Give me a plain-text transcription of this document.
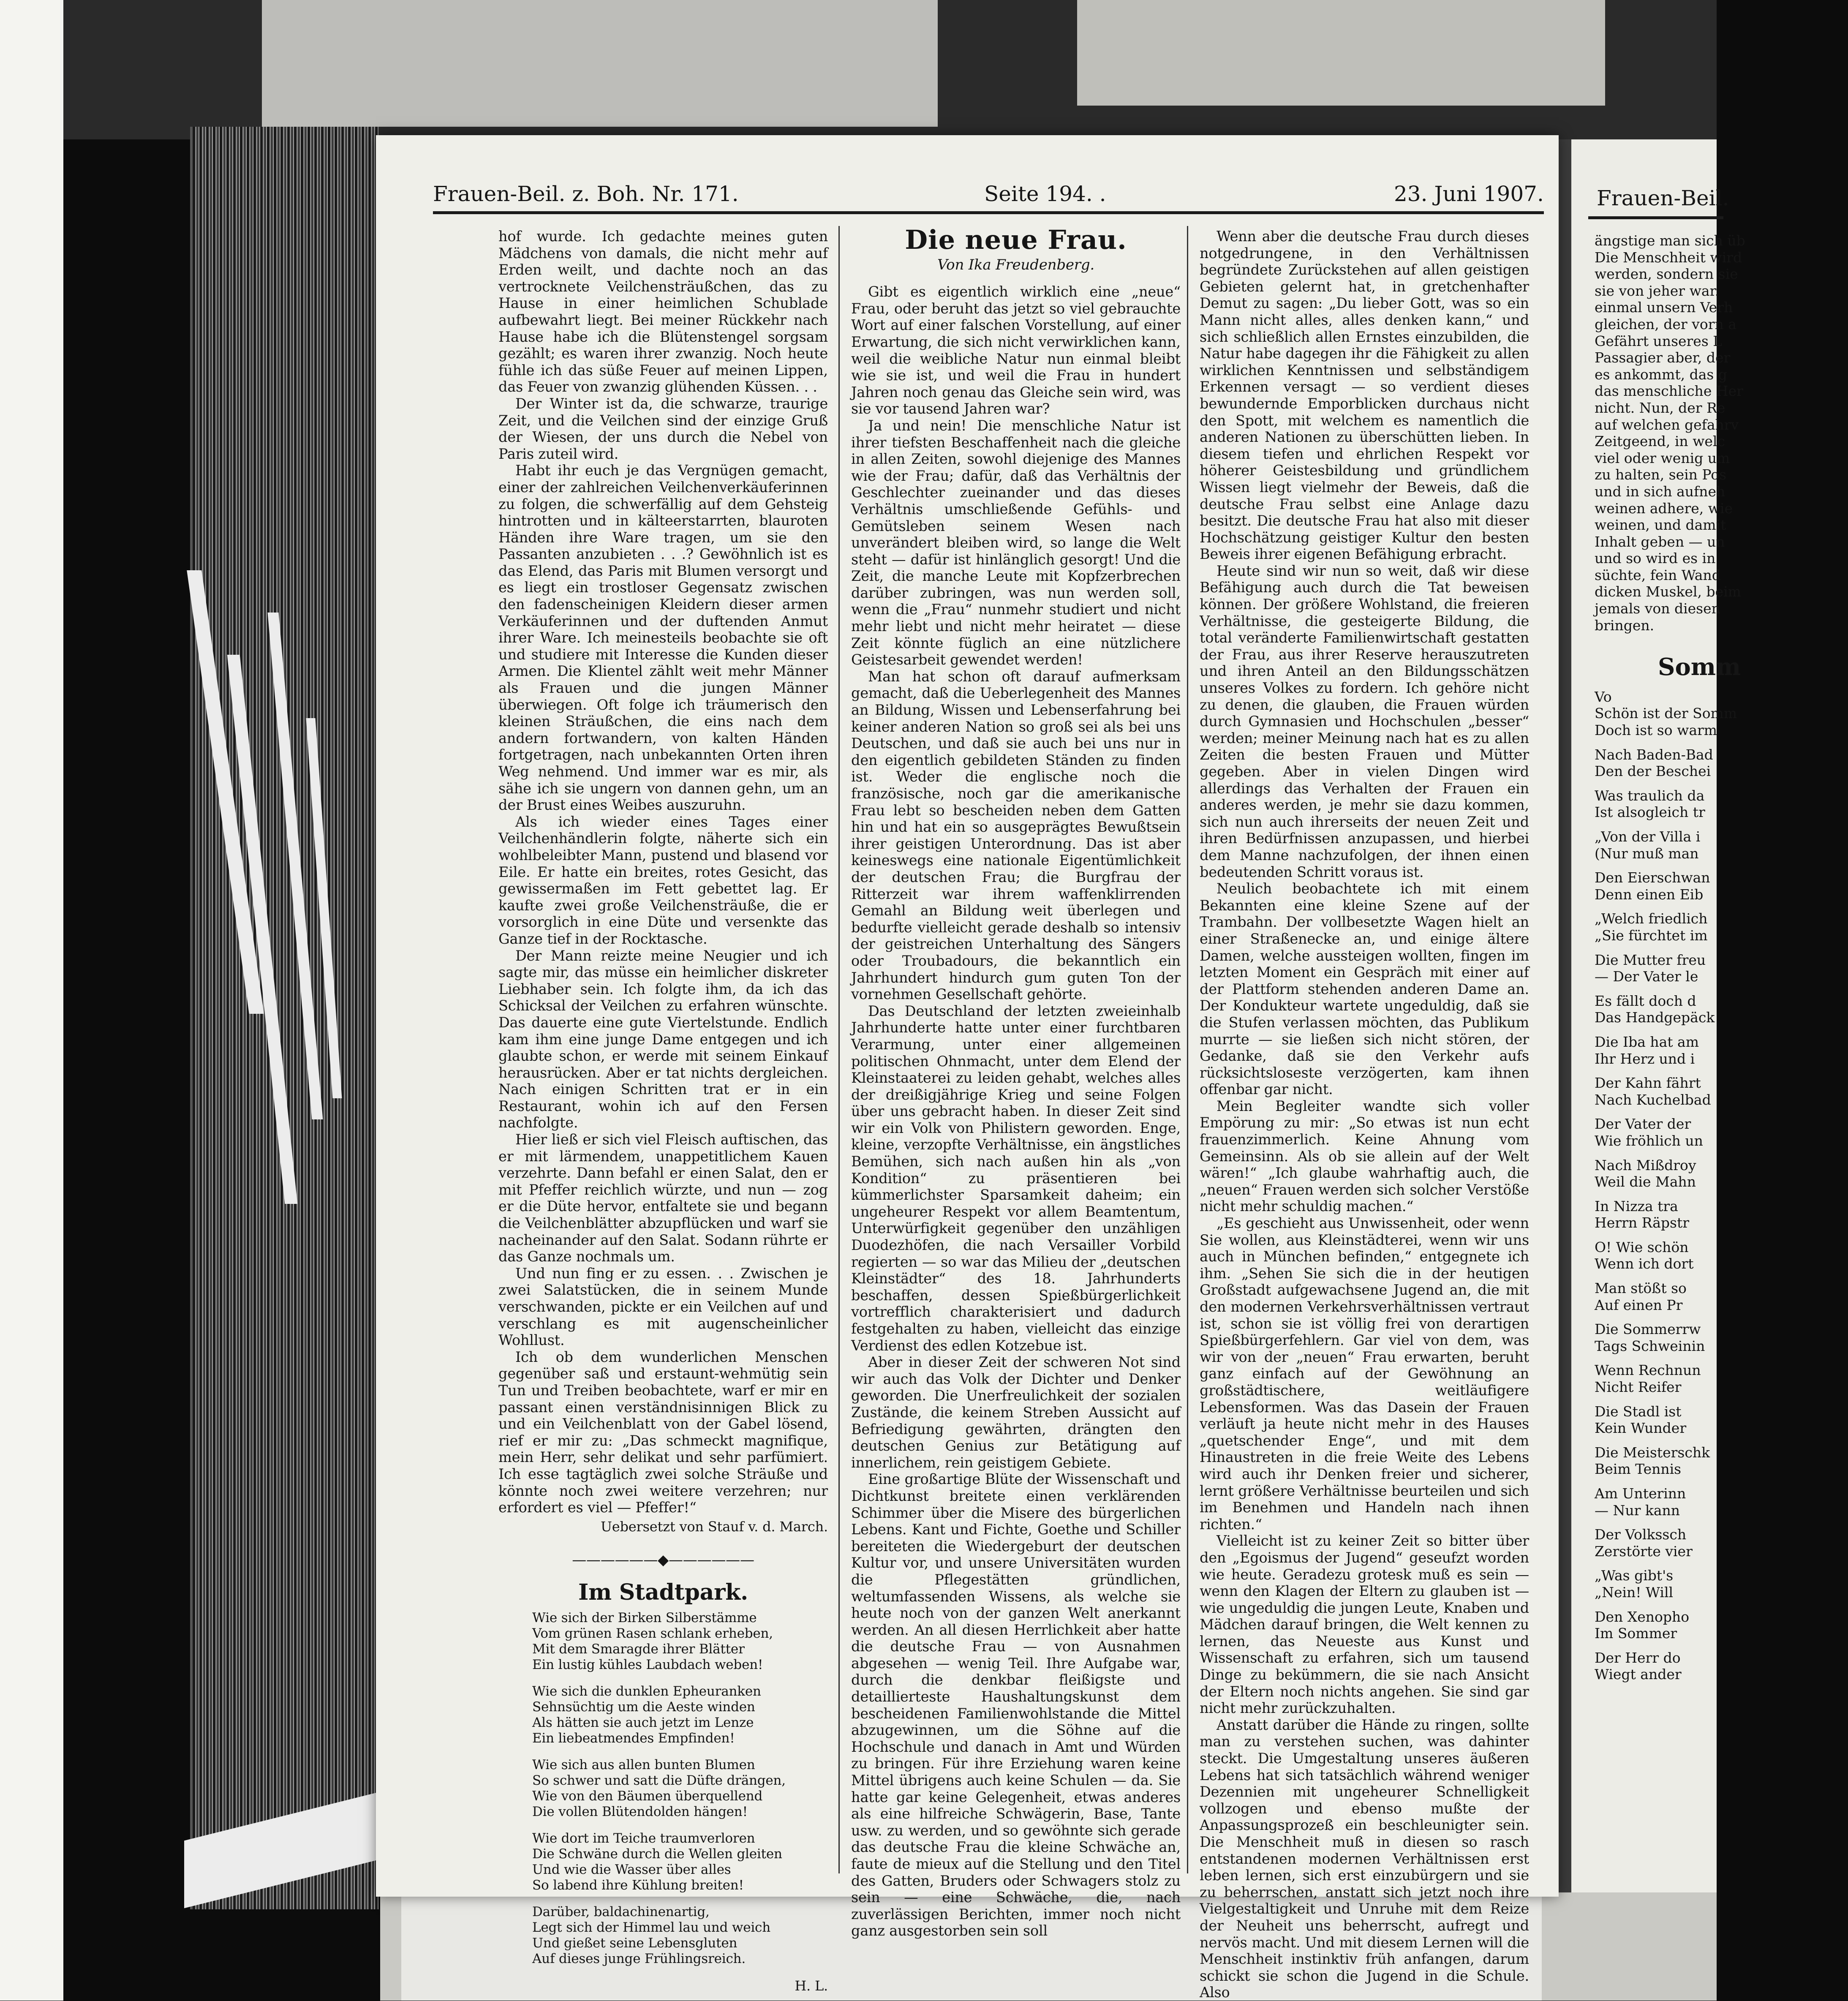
Frauen-Beil. z. Boh. Nr. 171.	Seite 194. .	23. Juni 1907.

hof wurde. Ich gedachte meines guten Mädchens von damals, die nicht mehr auf Erden weilt, und dachte noch an das vertrocknete Veilchensträußchen, das zu Hause in einer heimlichen Schublade aufbewahrt liegt. Bei meiner Rückkehr nach Hause habe ich die Blütenstengel sorgsam gezählt; es waren ihrer zwanzig. Noch heute fühle ich das süße Feuer auf meinen Lippen, das Feuer von zwanzig glühenden Küssen. . .

Der Winter ist da, die schwarze, traurige Zeit, und die Veilchen sind der einzige Gruß der Wiesen, der uns durch die Nebel von Paris zuteil wird.

Habt ihr euch je das Vergnügen gemacht, einer der zahlreichen Veilchenverkäuferinnen zu folgen, die schwerfällig auf dem Gehsteig hintrotten und in kälteerstarrten, blauroten Händen ihre Ware tragen, um sie den Passanten anzubieten . . .? Gewöhnlich ist es das Elend, das Paris mit Blumen versorgt und es liegt ein trostloser Gegensatz zwischen den fadenscheinigen Kleidern dieser armen Verkäuferinnen und der duftenden Anmut ihrer Ware. Ich meinesteils beobachte sie oft und studiere mit Interesse die Kunden dieser Armen. Die Klientel zählt weit mehr Männer als Frauen und die jungen Männer überwiegen. Oft folge ich träumerisch den kleinen Sträußchen, die eins nach dem andern fortwandern, von kalten Händen fortgetragen, nach unbekannten Orten ihren Weg nehmend. Und immer war es mir, als sähe ich sie ungern von dannen gehn, um an der Brust eines Weibes auszuruhn.

Als ich wieder eines Tages einer Veilchenhändlerin folgte, näherte sich ein wohlbeleibter Mann, pustend und blasend vor Eile. Er hatte ein breites, rotes Gesicht, das gewissermaßen im Fett gebettet lag. Er kaufte zwei große Veilchensträuße, die er vorsorglich in eine Düte und versenkte das Ganze tief in der Rocktasche.

Der Mann reizte meine Neugier und ich sagte mir, das müsse ein heimlicher diskreter Liebhaber sein. Ich folgte ihm, da ich das Schicksal der Veilchen zu erfahren wünschte. Das dauerte eine gute Viertelstunde. Endlich kam ihm eine junge Dame entgegen und ich glaubte schon, er werde mit seinem Einkauf herausrücken. Aber er tat nichts dergleichen. Nach einigen Schritten trat er in ein Restaurant, wohin ich auf den Fersen nachfolgte.

Hier ließ er sich viel Fleisch auftischen, das er mit lärmendem, unappetitlichem Kauen verzehrte. Dann befahl er einen Salat, den er mit Pfeffer reichlich würzte, und nun — zog er die Düte hervor, entfaltete sie und begann die Veilchenblätter abzupflücken und warf sie nacheinander auf den Salat. Sodann rührte er das Ganze nochmals um.

Und nun fing er zu essen. . . Zwischen je zwei Salatstücken, die in seinem Munde verschwanden, pickte er ein Veilchen auf und verschlang es mit augenscheinlicher Wohllust.

Ich ob dem wunderlichen Menschen gegenüber saß und erstaunt-wehmütig sein Tun und Treiben beobachtete, warf er mir en passant einen verständnisinnigen Blick zu und ein Veilchenblatt von der Gabel lösend, rief er mir zu: „Das schmeckt magnifique, mein Herr, sehr delikat und sehr parfümiert. Ich esse tagtäglich zwei solche Sträuße und könnte noch zwei weitere verzehren; nur erfordert es viel — Pfeffer!“

Uebersetzt von Stauf v. d. March.
——————◆——————
Im Stadtpark.
Wie sich der Birken Silberstämme
Vom grünen Rasen schlank erheben,
Mit dem Smaragde ihrer Blätter
Ein lustig kühles Laubdach weben!
Wie sich die dunklen Epheuranken
Sehnsüchtig um die Aeste winden
Als hätten sie auch jetzt im Lenze
Ein liebeatmendes Empfinden!
Wie sich aus allen bunten Blumen
So schwer und satt die Düfte drängen,
Wie von den Bäumen überquellend
Die vollen Blütendolden hängen!
Wie dort im Teiche traumverloren
Die Schwäne durch die Wellen gleiten
Und wie die Wasser über alles
So labend ihre Kühlung breiten!
Darüber, baldachinenartig,
Legt sich der Himmel lau und weich
Und gießet seine Lebensgluten
Auf dieses junge Frühlingsreich.
H. L.
Die neue Frau.
Von Ika Freudenberg.

Gibt es eigentlich wirklich eine „neue“ Frau, oder beruht das jetzt so viel gebrauchte Wort auf einer falschen Vorstellung, auf einer Erwartung, die sich nicht verwirklichen kann, weil die weibliche Natur nun einmal bleibt wie sie ist, und weil die Frau in hundert Jahren noch genau das Gleiche sein wird, was sie vor tausend Jahren war?

Ja und nein! Die menschliche Natur ist ihrer tiefsten Beschaffenheit nach die gleiche in allen Zeiten, sowohl diejenige des Mannes wie der Frau; dafür, daß das Verhältnis der Geschlechter zueinander und das dieses Verhältnis umschließende Gefühls- und Gemütsleben seinem Wesen nach unverändert bleiben wird, so lange die Welt steht — dafür ist hinlänglich gesorgt! Und die Zeit, die manche Leute mit Kopfzerbrechen darüber zubringen, was nun werden soll, wenn die „Frau“ nunmehr studiert und nicht mehr liebt und nicht mehr heiratet — diese Zeit könnte füglich an eine nützlichere Geistesarbeit gewendet werden!

Man hat schon oft darauf aufmerksam gemacht, daß die Ueberlegenheit des Mannes an Bildung, Wissen und Lebenserfahrung bei keiner anderen Nation so groß sei als bei uns Deutschen, und daß sie auch bei uns nur in den eigentlich gebildeten Ständen zu finden ist. Weder die englische noch die französische, noch gar die amerikanische Frau lebt so bescheiden neben dem Gatten hin und hat ein so ausgeprägtes Bewußtsein ihrer geistigen Unterordnung. Das ist aber keineswegs eine nationale Eigentümlichkeit der deutschen Frau; die Burgfrau der Ritterzeit war ihrem waffenklirrenden Gemahl an Bildung weit überlegen und bedurfte vielleicht gerade deshalb so intensiv der geistreichen Unterhaltung des Sängers oder Troubadours, die bekanntlich ein Jahrhundert hindurch gum guten Ton der vornehmen Gesellschaft gehörte.

Das Deutschland der letzten zweieinhalb Jahrhunderte hatte unter einer furchtbaren Verarmung, unter einer allgemeinen politischen Ohnmacht, unter dem Elend der Kleinstaaterei zu leiden gehabt, welches alles der dreißigjährige Krieg und seine Folgen über uns gebracht haben. In dieser Zeit sind wir ein Volk von Philistern geworden. Enge, kleine, verzopfte Verhältnisse, ein ängstliches Bemühen, sich nach außen hin als „von Kondition“ zu präsentieren bei kümmerlichster Sparsamkeit daheim; ein ungeheurer Respekt vor allem Beamtentum, Unterwürfigkeit gegenüber den unzähligen Duodezhöfen, die nach Versailler Vorbild regierten — so war das Milieu der „deutschen Kleinstädter“ des 18. Jahrhunderts beschaffen, dessen Spießbürgerlichkeit vortrefflich charakterisiert und dadurch festgehalten zu haben, vielleicht das einzige Verdienst des edlen Kotzebue ist.

Aber in dieser Zeit der schweren Not sind wir auch das Volk der Dichter und Denker geworden. Die Unerfreulichkeit der sozialen Zustände, die keinem Streben Aussicht auf Befriedigung gewährten, drängten den deutschen Genius zur Betätigung auf innerlichem, rein geistigem Gebiete.

Eine großartige Blüte der Wissenschaft und Dichtkunst breitete einen verklärenden Schimmer über die Misere des bürgerlichen Lebens. Kant und Fichte, Goethe und Schiller bereiteten die Wiedergeburt der deutschen Kultur vor, und unsere Universitäten wurden die Pflegestätten gründlichen, weltumfassenden Wissens, als welche sie heute noch von der ganzen Welt anerkannt werden. An all diesen Herrlichkeit aber hatte die deutsche Frau — von Ausnahmen abgesehen — wenig Teil. Ihre Aufgabe war, durch die denkbar fleißigste und detaillierteste Haushaltungskunst dem bescheidenen Familienwohlstande die Mittel abzugewinnen, um die Söhne auf die Hochschule und danach in Amt und Würden zu bringen. Für ihre Erziehung waren keine Mittel übrigens auch keine Schulen — da. Sie hatte gar keine Gelegenheit, etwas anderes als eine hilfreiche Schwägerin, Base, Tante usw. zu werden, und so gewöhnte sich gerade das deutsche Frau die kleine Schwäche an, faute de mieux auf die Stellung und den Titel des Gatten, Bruders oder Schwagers stolz zu sein — eine Schwäche, die, nach zuverlässigen Berichten, immer noch nicht ganz ausgestorben sein soll

Wenn aber die deutsche Frau durch dieses notgedrungene, in den Verhältnissen begründete Zurückstehen auf allen geistigen Gebieten gelernt hat, in gretchenhafter Demut zu sagen: „Du lieber Gott, was so ein Mann nicht alles, alles denken kann,“ und sich schließlich allen Ernstes einzubilden, die Natur habe dagegen ihr die Fähigkeit zu allen wirklichen Kenntnissen und selbständigem Erkennen versagt — so verdient dieses bewundernde Emporblicken durchaus nicht den Spott, mit welchem es namentlich die anderen Nationen zu überschütten lieben. In diesem tiefen und ehrlichen Respekt vor höherer Geistesbildung und gründlichem Wissen liegt vielmehr der Beweis, daß die deutsche Frau selbst eine Anlage dazu besitzt. Die deutsche Frau hat also mit dieser Hochschätzung geistiger Kultur den besten Beweis ihrer eigenen Befähigung erbracht.

Heute sind wir nun so weit, daß wir diese Befähigung auch durch die Tat beweisen können. Der größere Wohlstand, die freieren Verhältnisse, die gesteigerte Bildung, die total veränderte Familienwirtschaft gestatten der Frau, aus ihrer Reserve herauszutreten und ihren Anteil an den Bildungsschätzen unseres Volkes zu fordern. Ich gehöre nicht zu denen, die glauben, die Frauen würden durch Gymnasien und Hochschulen „besser“ werden; meiner Meinung nach hat es zu allen Zeiten die besten Frauen und Mütter gegeben. Aber in vielen Dingen wird allerdings das Verhalten der Frauen ein anderes werden, je mehr sie dazu kommen, sich nun auch ihrerseits der neuen Zeit und ihren Bedürfnissen anzupassen, und hierbei dem Manne nachzufolgen, der ihnen einen bedeutenden Schritt voraus ist.

Neulich beobachtete ich mit einem Bekannten eine kleine Szene auf der Trambahn. Der vollbesetzte Wagen hielt an einer Straßenecke an, und einige ältere Damen, welche aussteigen wollten, fingen im letzten Moment ein Gespräch mit einer auf der Plattform stehenden anderen Dame an. Der Kondukteur wartete ungeduldig, daß sie die Stufen verlassen möchten, das Publikum murrte — sie ließen sich nicht stören, der Gedanke, daß sie den Verkehr aufs rücksichtsloseste verzögerten, kam ihnen offenbar gar nicht.

Mein Begleiter wandte sich voller Empörung zu mir: „So etwas ist nun echt frauenzimmerlich. Keine Ahnung vom Gemeinsinn. Als ob sie allein auf der Welt wären!“ „Ich glaube wahrhaftig auch, die „neuen“ Frauen werden sich solcher Verstöße nicht mehr schuldig machen.“

„Es geschieht aus Unwissenheit, oder wenn Sie wollen, aus Kleinstädterei, wenn wir uns auch in München befinden,“ entgegnete ich ihm. „Sehen Sie sich die in der heutigen Großstadt aufgewachsene Jugend an, die mit den modernen Verkehrsverhältnissen vertraut ist, schon sie ist völlig frei von derartigen Spießbürgerfehlern. Gar viel von dem, was wir von der „neuen“ Frau erwarten, beruht ganz einfach auf der Gewöhnung an großstädtischere, weitläufigere Lebensformen. Was das Dasein der Frauen verläuft ja heute nicht mehr in des Hauses „quetschender Enge“, und mit dem Hinaustreten in die freie Weite des Lebens wird auch ihr Denken freier und sicherer, lernt größere Verhältnisse beurteilen und sich im Benehmen und Handeln nach ihnen richten.“

Vielleicht ist zu keiner Zeit so bitter über den „Egoismus der Jugend“ geseufzt worden wie heute. Geradezu grotesk muß es sein — wenn den Klagen der Eltern zu glauben ist — wie ungeduldig die jungen Leute, Knaben und Mädchen darauf bringen, die Welt kennen zu lernen, das Neueste aus Kunst und Wissenschaft zu erfahren, sich um tausend Dinge zu bekümmern, die sie nach Ansicht der Eltern noch nichts angehen. Sie sind gar nicht mehr zurückzuhalten.

Anstatt darüber die Hände zu ringen, sollte man zu verstehen suchen, was dahinter steckt. Die Umgestaltung unseres äußeren Lebens hat sich tatsächlich während weniger Dezennien mit ungeheurer Schnelligkeit vollzogen und ebenso mußte der Anpassungsprozeß ein beschleunigter sein. Die Menschheit muß in diesen so rasch entstandenen modernen Verhältnissen erst leben lernen, sich erst einzubürgern und sie zu beherrschen, anstatt sich jetzt noch ihre Vielgestaltigkeit und Unruhe mit dem Reize der Neuheit uns beherrscht, aufregt und nervös macht. Und mit diesem Lernen will die Menschheit instinktiv früh anfangen, darum schickt sie schon die Jugend in die Schule. Also

Frauen-Beil.
ängstige man sich üb
Die Menschheit wird
werden, sondern sie
sie von jeher war.
einmal unsern Verh
gleichen, der vorn a
Gefährt unseres L
Passagier aber, der
es ankommt, das g
das menschliche Her
nicht. Nun, der Re
auf welchen gefahrv
Zeitgeend, in welc
viel oder wenig um
zu halten, sein Pos
und in sich aufneh
weinen adhere, wie
weinen, und damit
Inhalt geben — un
und so wird es in
süchte, fein Wand
dicken Muskel, beim
jemals von diesen
bringen.
Somm
Vo
Schön ist der Somm
Doch ist so warm
Nach Baden-Bad
Den der Beschei
Was traulich da
Ist alsogleich tr
„Von der Villa i
(Nur muß man
Den Eierschwan
Denn einen Eib
„Welch friedlich
„Sie fürchtet im
Die Mutter freu
— Der Vater le
Es fällt doch d
Das Handgepäck
Die Iba hat am
Ihr Herz und i
Der Kahn fährt
Nach Kuchelbad
Der Vater der
Wie fröhlich un
Nach Mißdroy
Weil die Mahn
In Nizza tra
Herrn Räpstr
O! Wie schön
Wenn ich dort
Man stößt so
Auf einen Pr
Die Sommerrw
Tags Schweinin
Wenn Rechnun
Nicht Reifer
Die Stadl ist
Kein Wunder
Die Meisterschk
Beim Tennis
Am Unterinn
— Nur kann
Der Volkssch
Zerstörte vier
„Was gibt's
„Nein! Will
Den Xenopho
Im Sommer
Der Herr do
Wiegt ander
